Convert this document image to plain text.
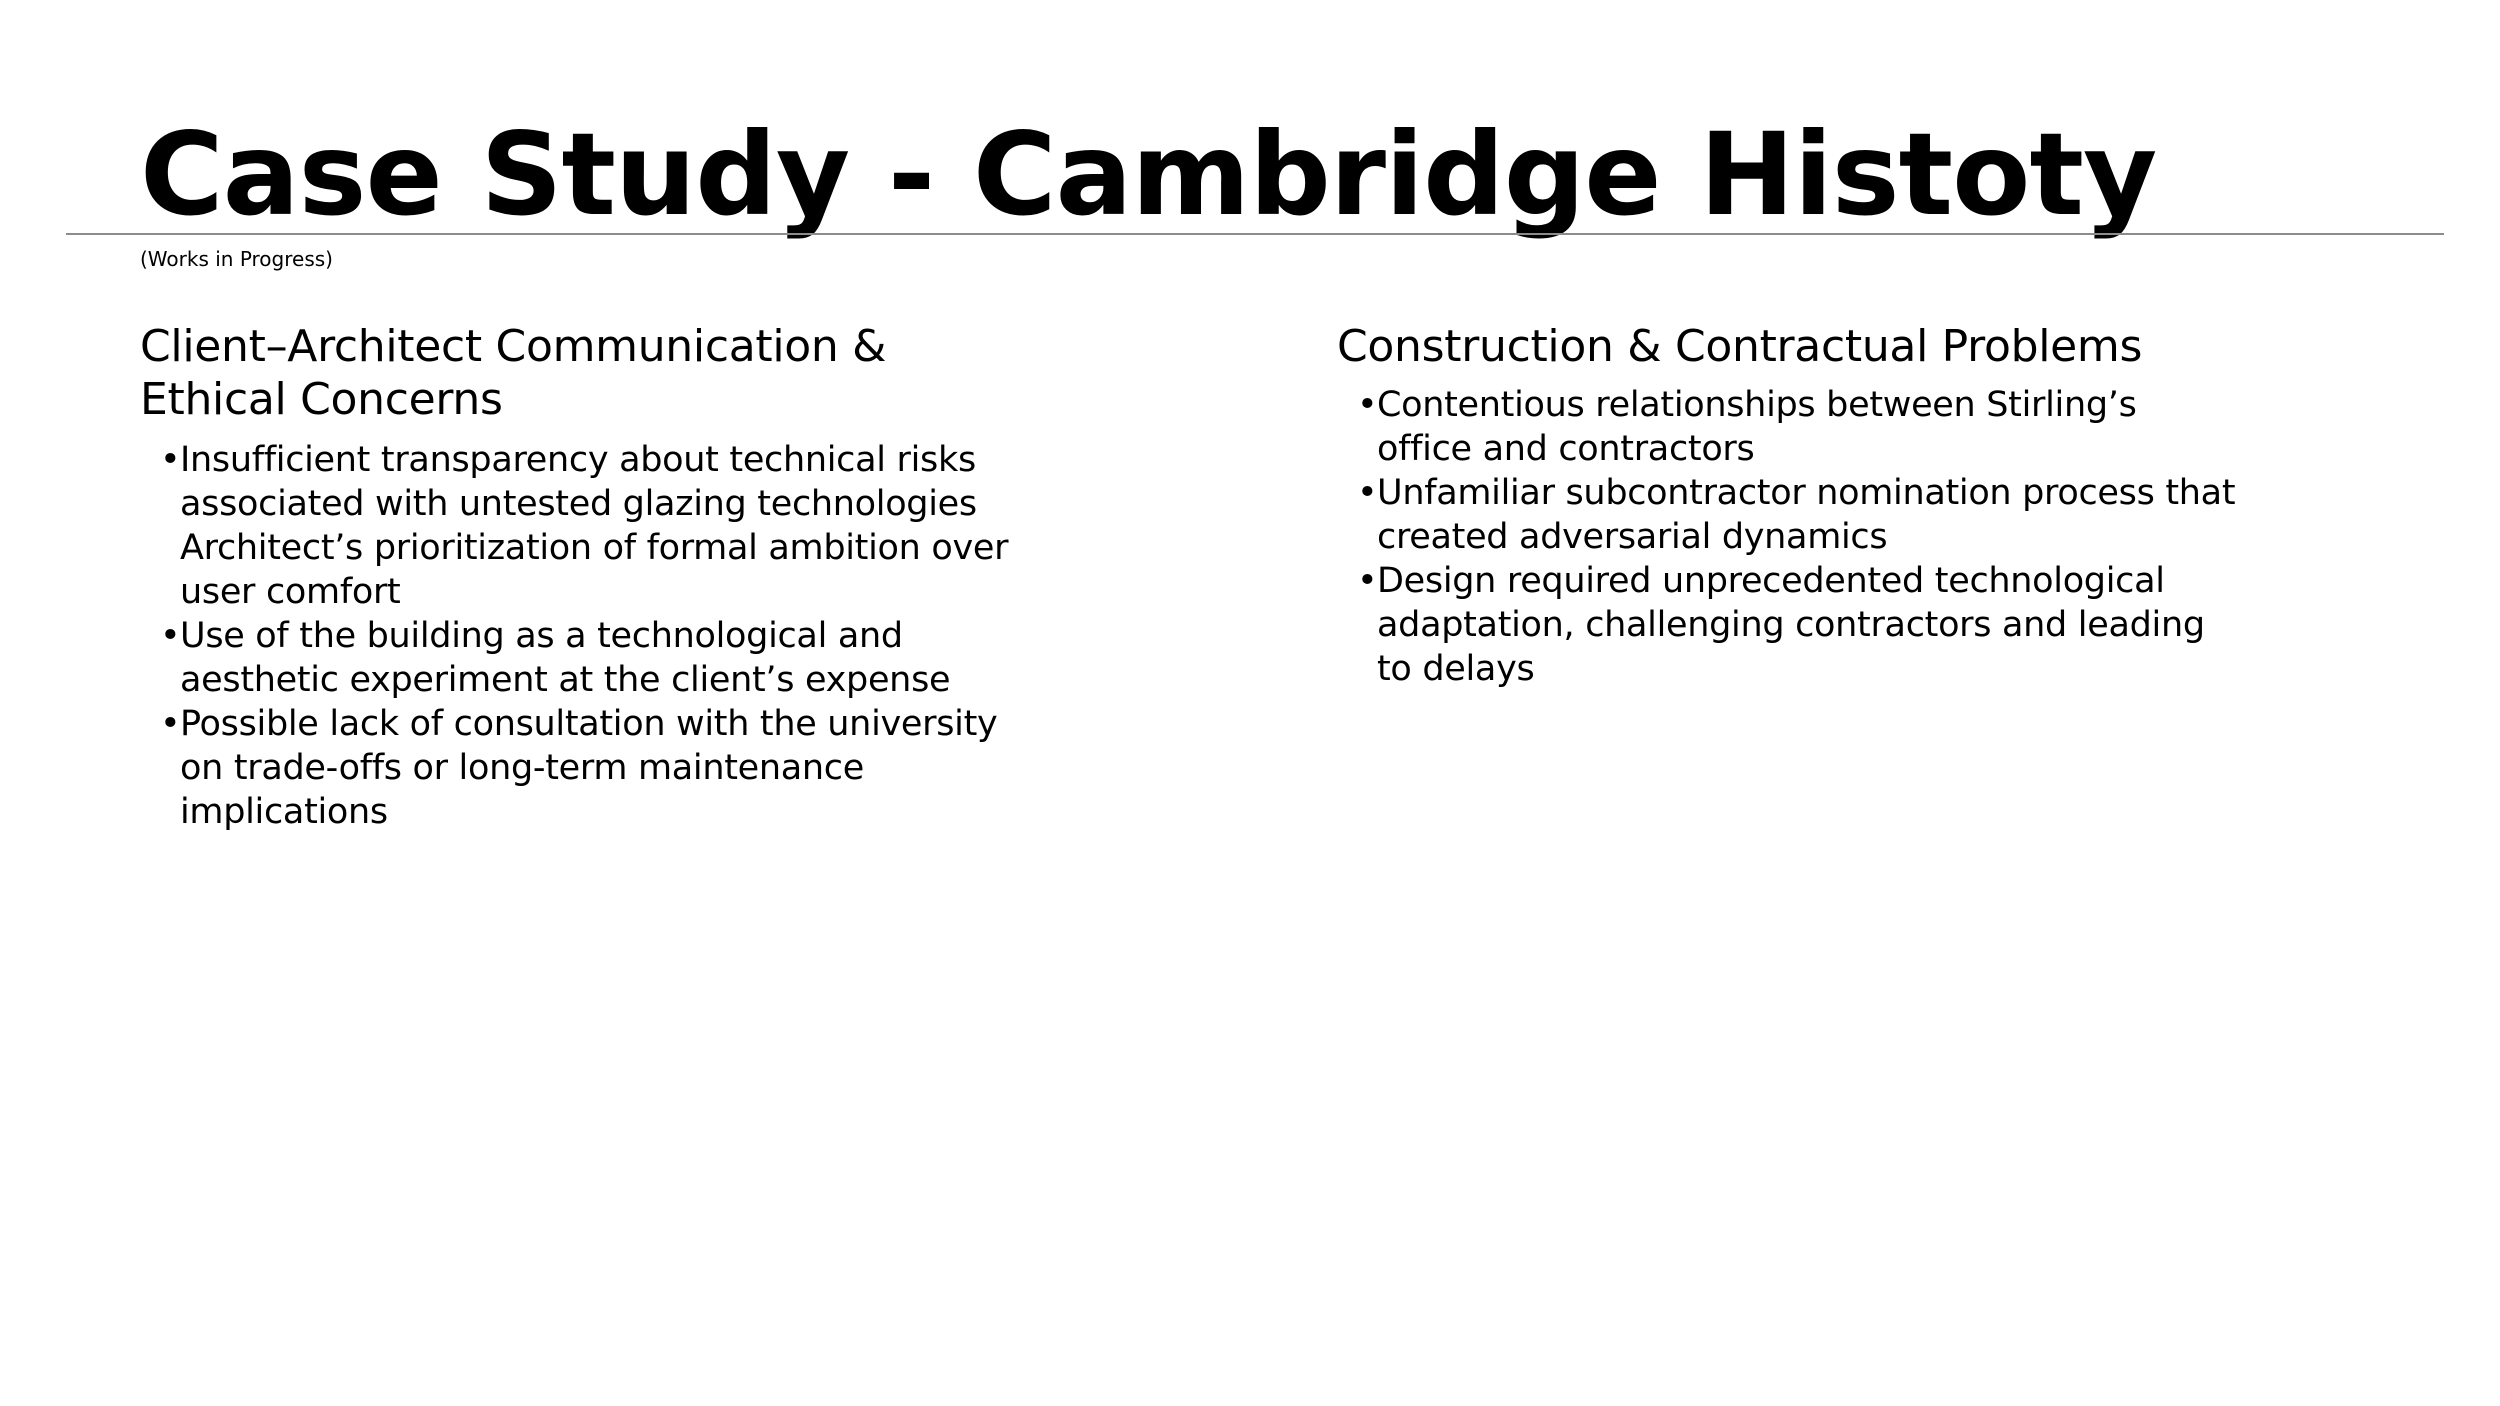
Case Study - Cambridge Histoty
(Works in Progress)
Client–Architect Communication & Ethical Concerns
• Insufficient transparency about technical risks associated with untested glazing technologies Architect’s prioritization of formal ambition over user comfort
• Use of the building as a technological and aesthetic experiment at the client’s expense
• Possible lack of consultation with the university on trade-offs or long-term maintenance implications
Construction & Contractual Problems
• Contentious relationships between Stirling’s office and contractors
• Unfamiliar subcontractor nomination process that created adversarial dynamics
• Design required unprecedented technological adaptation, challenging contractors and leading to delays
